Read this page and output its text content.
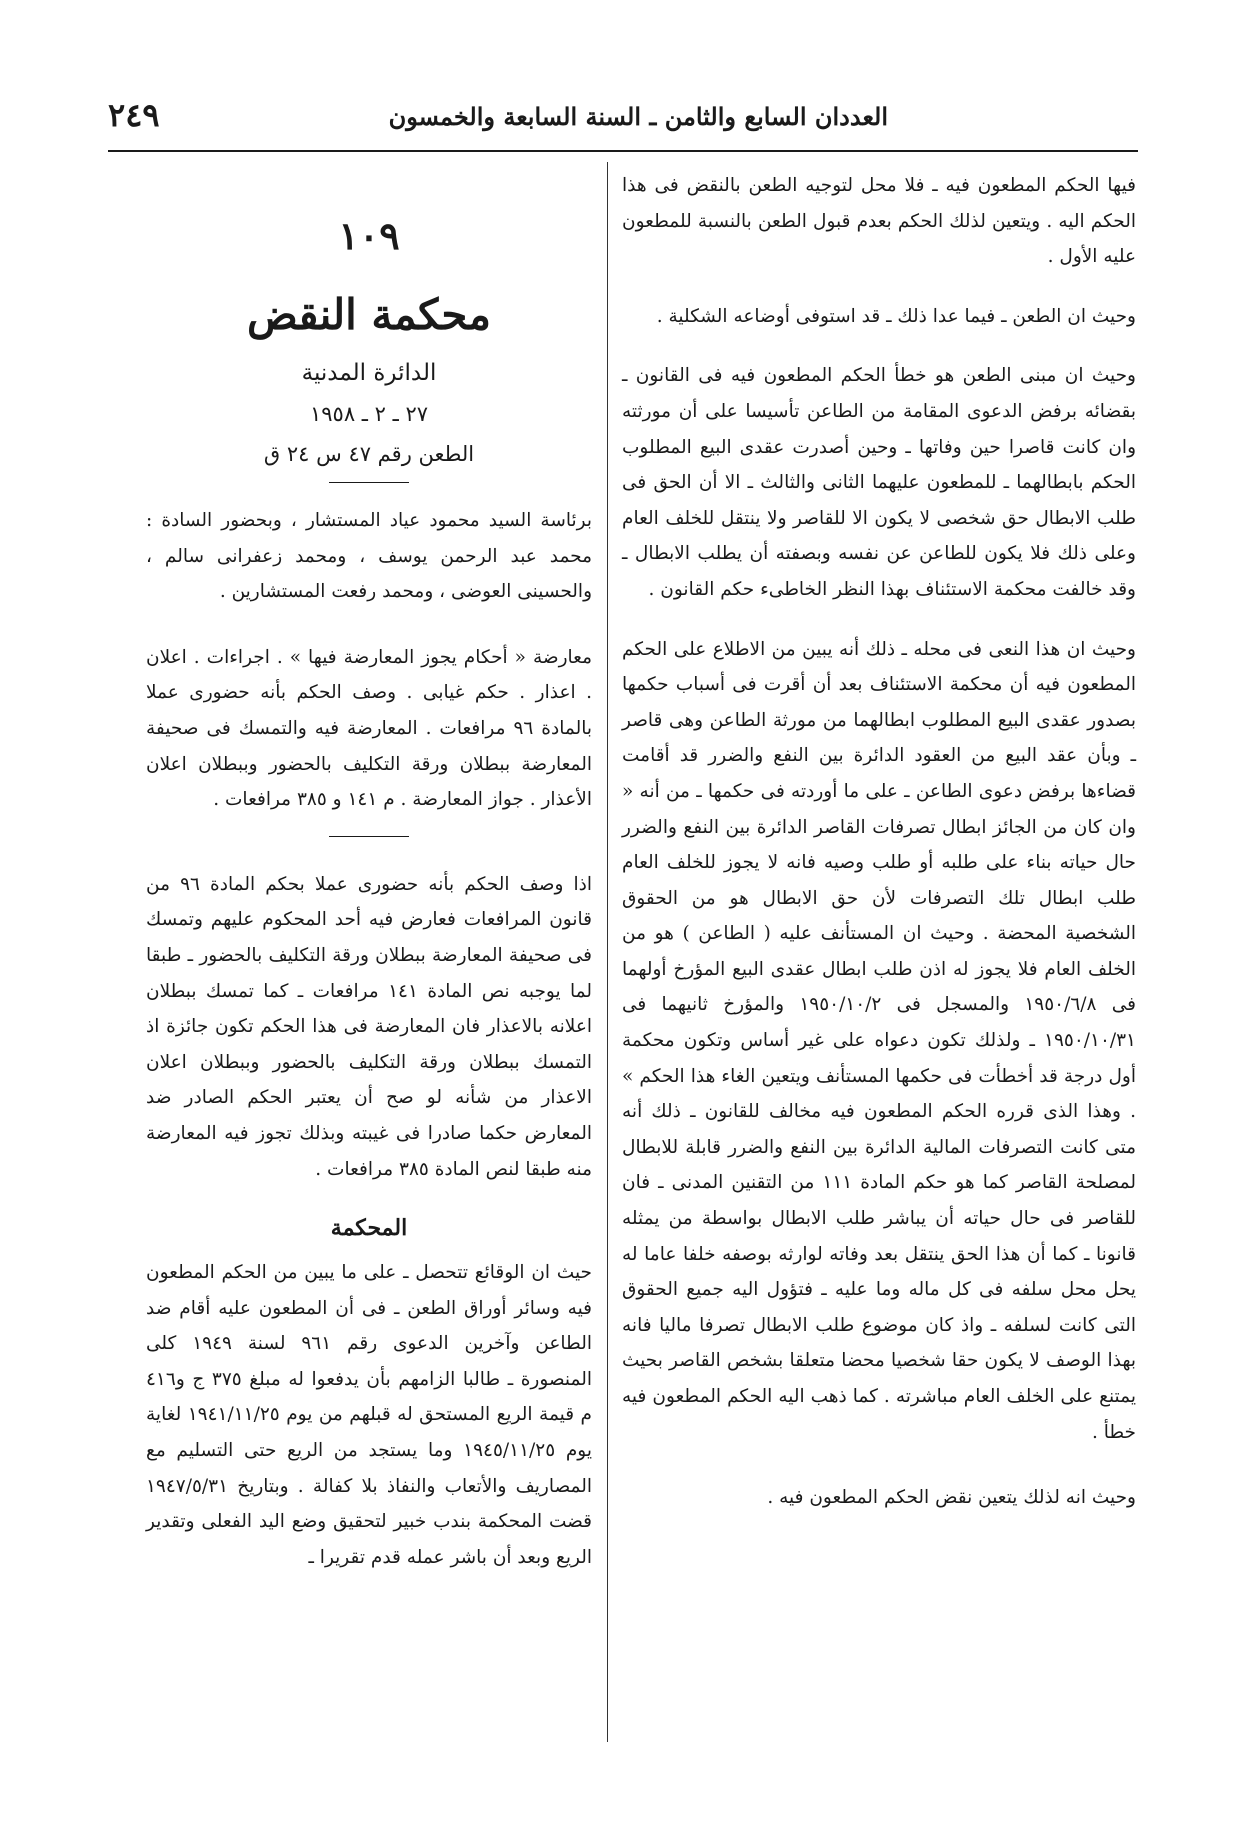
العددان السابع والثامن ـ السنة السابعة والخمسون
٢٤٩

فيها الحكم المطعون فيه ـ فلا محل لتوجيه الطعن بالنقض فى هذا الحكم اليه . ويتعين لذلك الحكم بعدم قبول الطعن بالنسبة للمطعون عليه الأول .

وحيث ان الطعن ـ فيما عدا ذلك ـ قد استوفى أوضاعه الشكلية .

وحيث ان مبنى الطعن هو خطأ الحكم المطعون فيه فى القانون ـ بقضائه برفض الدعوى المقامة من الطاعن تأسيسا على أن مورثته وان كانت قاصرا حين وفاتها ـ وحين أصدرت عقدى البيع المطلوب الحكم بابطالهما ـ للمطعون عليهما الثانى والثالث ـ الا أن الحق فى طلب الابطال حق شخصى لا يكون الا للقاصر ولا ينتقل للخلف العام وعلى ذلك فلا يكون للطاعن عن نفسه وبصفته أن يطلب الابطال ـ وقد خالفت محكمة الاستئناف بهذا النظر الخاطىء حكم القانون .

وحيث ان هذا النعى فى محله ـ ذلك أنه يبين من الاطلاع على الحكم المطعون فيه أن محكمة الاستئناف بعد أن أقرت فى أسباب حكمها بصدور عقدى البيع المطلوب ابطالهما من مورثة الطاعن وهى قاصر ـ وبأن عقد البيع من العقود الدائرة بين النفع والضرر قد أقامت قضاءها برفض دعوى الطاعن ـ على ما أوردته فى حكمها ـ من أنه « وان كان من الجائز ابطال تصرفات القاصر الدائرة بين النفع والضرر حال حياته بناء على طلبه أو طلب وصيه فانه لا يجوز للخلف العام طلب ابطال تلك التصرفات لأن حق الابطال هو من الحقوق الشخصية المحضة . وحيث ان المستأنف عليه ( الطاعن ) هو من الخلف العام فلا يجوز له اذن طلب ابطال عقدى البيع المؤرخ أولهما فى ١٩٥٠/٦/٨ والمسجل فى ١٩٥٠/١٠/٢ والمؤرخ ثانيهما فى ١٩٥٠/١٠/٣١ ـ ولذلك تكون دعواه على غير أساس وتكون محكمة أول درجة قد أخطأت فى حكمها المستأنف ويتعين الغاء هذا الحكم » . وهذا الذى قرره الحكم المطعون فيه مخالف للقانون ـ ذلك أنه متى كانت التصرفات المالية الدائرة بين النفع والضرر قابلة للابطال لمصلحة القاصر كما هو حكم المادة ١١١ من التقنين المدنى ـ فان للقاصر فى حال حياته أن يباشر طلب الابطال بواسطة من يمثله قانونا ـ كما أن هذا الحق ينتقل بعد وفاته لوارثه بوصفه خلفا عاما له يحل محل سلفه فى كل ماله وما عليه ـ فتؤول اليه جميع الحقوق التى كانت لسلفه ـ واذ كان موضوع طلب الابطال تصرفا ماليا فانه بهذا الوصف لا يكون حقا شخصيا محضا متعلقا بشخص القاصر بحيث يمتنع على الخلف العام مباشرته . كما ذهب اليه الحكم المطعون فيه خطأ .

وحيث انه لذلك يتعين نقض الحكم المطعون فيه .

١٠٩

محكمة النقض

الدائرة المدنية

٢٧ ـ ٢ ـ ١٩٥٨

الطعن رقم ٤٧ س ٢٤ ق

برئاسة السيد محمود عياد المستشار ، وبحضور السادة : محمد عبد الرحمن يوسف ، ومحمد زعفرانى سالم ، والحسينى العوضى ، ومحمد رفعت المستشارين .

معارضة « أحكام يجوز المعارضة فيها » . اجراءات . اعلان . اعذار . حكم غيابى . وصف الحكم بأنه حضورى عملا بالمادة ٩٦ مرافعات . المعارضة فيه والتمسك فى صحيفة المعارضة ببطلان ورقة التكليف بالحضور وببطلان اعلان الأعذار . جواز المعارضة . م ١٤١ و ٣٨٥ مرافعات .

اذا وصف الحكم بأنه حضورى عملا بحكم المادة ٩٦ من قانون المرافعات فعارض فيه أحد المحكوم عليهم وتمسك فى صحيفة المعارضة ببطلان ورقة التكليف بالحضور ـ طبقا لما يوجبه نص المادة ١٤١ مرافعات ـ كما تمسك ببطلان اعلانه بالاعذار فان المعارضة فى هذا الحكم تكون جائزة اذ التمسك ببطلان ورقة التكليف بالحضور وببطلان اعلان الاعذار من شأنه لو صح أن يعتبر الحكم الصادر ضد المعارض حكما صادرا فى غيبته وبذلك تجوز فيه المعارضة منه طبقا لنص المادة ٣٨٥ مرافعات .

المحكمة

حيث ان الوقائع تتحصل ـ على ما يبين من الحكم المطعون فيه وسائر أوراق الطعن ـ فى أن المطعون عليه أقام ضد الطاعن وآخرين الدعوى رقم ٩٦١ لسنة ١٩٤٩ كلى المنصورة ـ طالبا الزامهم بأن يدفعوا له مبلغ ٣٧٥ ج و٤١٦ م قيمة الريع المستحق له قبلهم من يوم ١٩٤١/١١/٢٥ لغاية يوم ١٩٤٥/١١/٢٥ وما يستجد من الريع حتى التسليم مع المصاريف والأتعاب والنفاذ بلا كفالة . وبتاريخ ١٩٤٧/٥/٣١ قضت المحكمة بندب خبير لتحقيق وضع اليد الفعلى وتقدير الريع وبعد أن باشر عمله قدم تقريرا ـ
